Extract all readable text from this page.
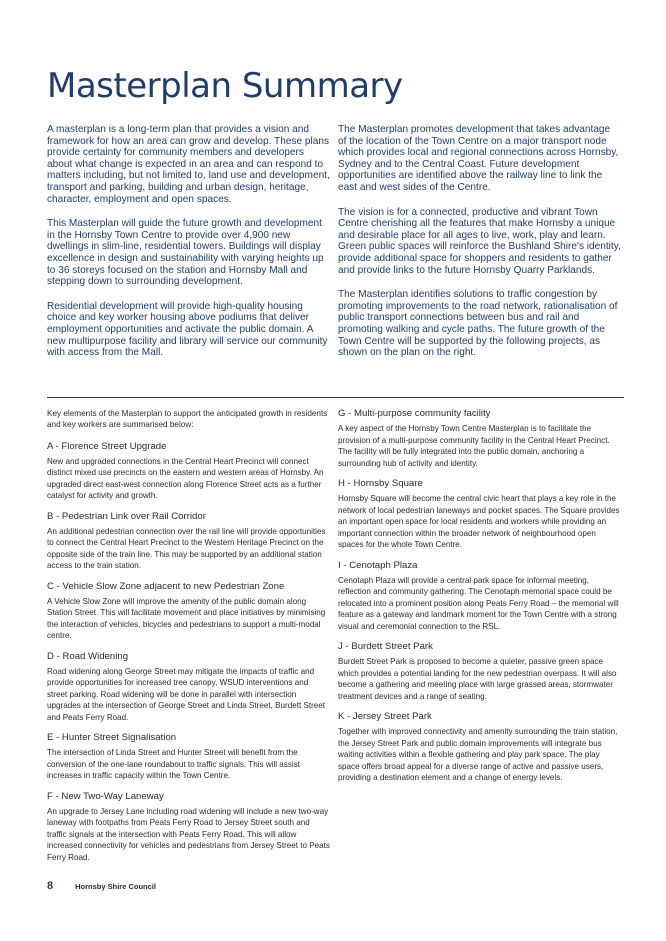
Masterplan Summary

A masterplan is a long-term plan that provides a vision and framework for how an area can grow and develop. These plans provide certainty for community members and developers about what change is expected in an area and can respond to matters including, but not limited to, land use and development, transport and parking, building and urban design, heritage, character, employment and open spaces.

This Masterplan will guide the future growth and development in the Hornsby Town Centre to provide over 4,900 new dwellings in slim-line, residential towers. Buildings will display excellence in design and sustainability with varying heights up to 36 storeys focused on the station and Hornsby Mall and stepping down to surrounding development.

Residential development will provide high-quality housing choice and key worker housing above podiums that deliver employment opportunities and activate the public domain. A new multipurpose facility and library will service our community with access from the Mall.

The Masterplan promotes development that takes advantage of the location of the Town Centre on a major transport node which provides local and regional connections across Hornsby, Sydney and to the Central Coast. Future development opportunities are identified above the railway line to link the east and west sides of the Centre.

The vision is for a connected, productive and vibrant Town Centre cherishing all the features that make Hornsby a unique and desirable place for all ages to live, work, play and learn. Green public spaces will reinforce the Bushland Shire's identity, provide additional space for shoppers and residents to gather and provide links to the future Hornsby Quarry Parklands.

The Masterplan identifies solutions to traffic congestion by promoting improvements to the road network, rationalisation of public transport connections between bus and rail and promoting walking and cycle paths. The future growth of the Town Centre will be supported by the following projects, as shown on the plan on the right.

Key elements of the Masterplan to support the anticipated growth in residents and key workers are summarised below:

A - Florence Street Upgrade

New and upgraded connections in the Central Heart Precinct will connect distinct mixed use precincts on the eastern and western areas of Hornsby. An upgraded direct east-west connection along Florence Street acts as a further catalyst for activity and growth.

B - Pedestrian Link over Rail Corridor

An additional pedestrian connection over the rail line will provide opportunities to connect the Central Heart Precinct to the Western Heritage Precinct on the opposite side of the train line. This may be supported by an additional station access to the train station.

C - Vehicle Slow Zone adjacent to new Pedestrian Zone

A Vehicle Slow Zone will improve the amenity of the public domain along Station Street. This will facilitate movement and place initiatives by minimising the interaction of vehicles, bicycles and pedestrians to support a multi-modal centre.

D - Road Widening

Road widening along George Street may mitigate the impacts of traffic and provide opportunities for increased tree canopy, WSUD interventions and street parking. Road widening will be done in parallel with intersection upgrades at the intersection of George Street and Linda Street, Burdett Street and Peats Ferry Road.

E - Hunter Street Signalisation

The intersection of Linda Street and Hunter Street will benefit from the conversion of the one-lane roundabout to traffic signals. This will assist increases in traffic capacity within the Town Centre.

F - New Two-Way Laneway

An upgrade to Jersey Lane including road widening will include a new two-way laneway with footpaths from Peats Ferry Road to Jersey Street south and traffic signals at the intersection with Peats Ferry Road. This will allow increased connectivity for vehicles and pedestrians from Jersey Street to Peats Ferry Road.

G - Multi-purpose community facility

A key aspect of the Hornsby Town Centre Masterplan is to facilitate the provision of a multi-purpose community facility in the Central Heart Precinct. The facility will be fully integrated into the public domain, anchoring a surrounding hub of activity and identity.

H - Hornsby Square

Hornsby Square will become the central civic heart that plays a key role in the network of local pedestrian laneways and pocket spaces. The Square provides an important open space for local residents and workers while providing an important connection within the broader network of neighbourhood open spaces for the whole Town Centre.

I - Cenotaph Plaza

Cenotaph Plaza will provide a central park space for informal meeting, reflection and community gathering. The Cenotaph memorial space could be relocated into a prominent position along Peats Ferry Road – the memorial will feature as a gateway and landmark moment for the Town Centre with a strong visual and ceremonial connection to the RSL.

J - Burdett Street Park

Burdett Street Park is proposed to become a quieter, passive green space which provides a potential landing for the new pedestrian overpass. It will also become a gathering and meeting place with large grassed areas, stormwater treatment devices and a range of seating.

K - Jersey Street Park

Together with improved connectivity and amenity surrounding the train station, the Jersey Street Park and public domain improvements will integrate bus waiting activities within a flexible gathering and play park space. The play space offers broad appeal for a diverse range of active and passive users, providing a destination element and a change of energy levels.

8	Hornsby Shire Council
